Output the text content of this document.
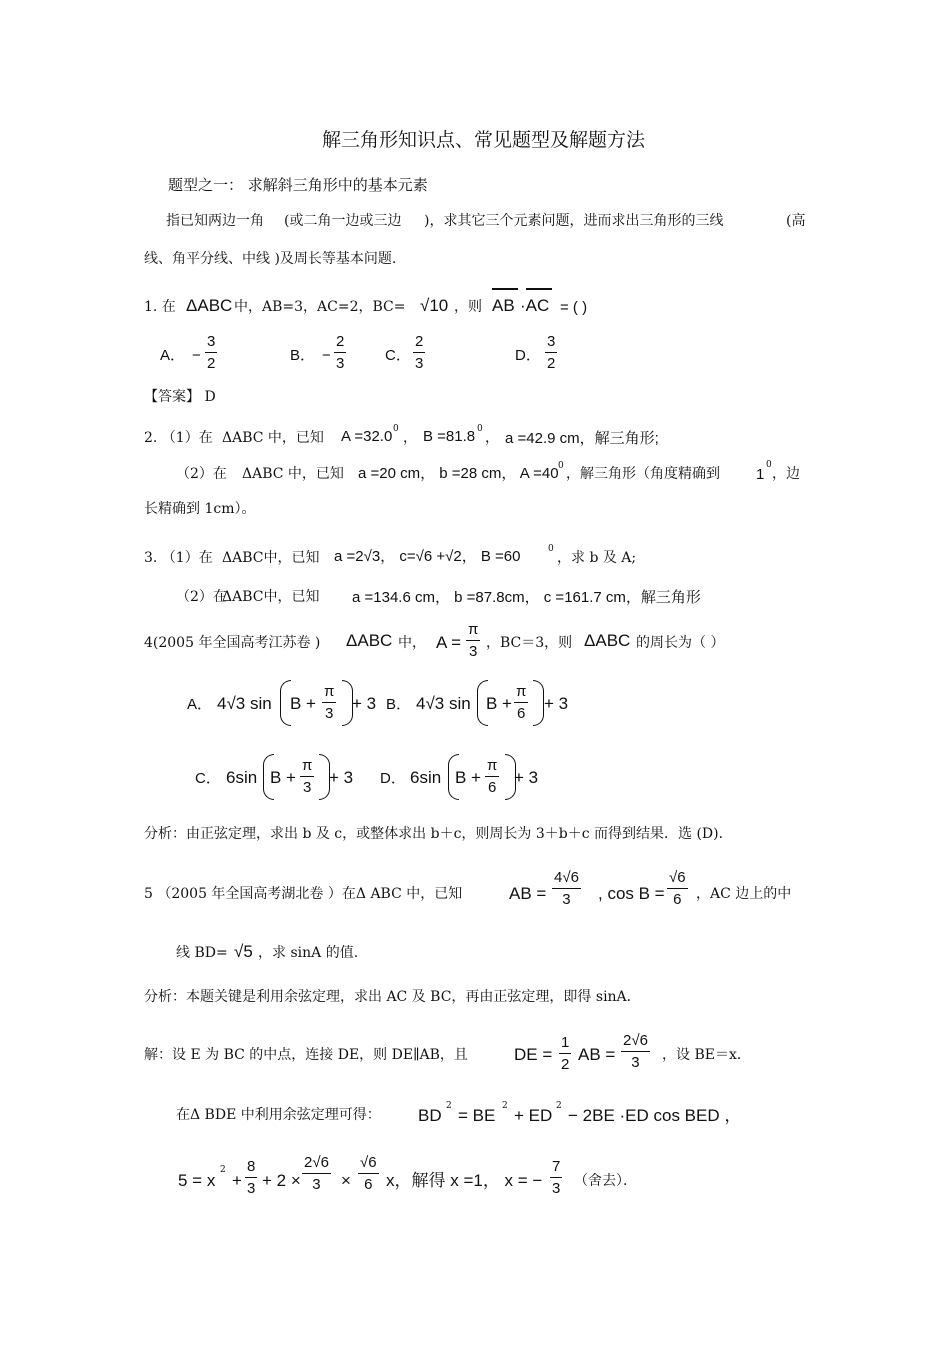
解三角形知识点、常见题型及解题方法
题型之一： 求解斜三角形中的基本元素
指已知两边一角 (或二角一边或三边 )，求其它三个元素问题，进而求出三角形的三线	(高
线、角平分线、中线 )及周长等基本问题.
1. 在 ΔABC 中，AB=3，AC=2，BC= √10 ，则 AB ·AC = ( )
A． −
3
2	B． −
2
3	C．
2
3	D．
3
2
【答案】 D
2. （1）在 ΔABC 中，已知 A =32.0 0
， B =81.8 0
， a =42.9 cm，解三角形;
（2）在 ΔABC 中，已知 a =20 cm， b =28 cm， A =40 0 ，解三角形（角度精确到 1
0
，边
长精确到 1cm）。
3. （1）在 ΔABC中，已知 a =2√3， c=√6 +√2， B =60	0
，求 b 及 A;
（2）在
ΔABC中，已知 a =134.6 cm， b =87.8cm， c =161.7 cm，解三角形
4(2005 年全国高考江苏卷 ) ΔABC 中， A =
π
3 ，BC＝3，则 ΔABC 的周长为（ ）
A． 4√3 sin B +
π
3
+ 3 B． 4√3 sin B +
π
6
+ 3
C． 6sin B +
π
3
+ 3 D． 6sin B +
π
6
+ 3
分析：由正弦定理，求出 b 及 c，或整体求出 b＋c，则周长为 3＋b＋c 而得到结果．选 (D)．
5 （2005 年全国高考湖北卷 ）在Δ ABC 中，已知	AB =
4√6
3 , cos B =
√6
6 ，AC 边上的中
线 BD= √5 ，求 sinA 的值.
分析：本题关键是利用余弦定理，求出 AC 及 BC，再由正弦定理，即得 sinA．
解：设 E 为 BC 的中点，连接 DE，则 DE∥AB，且	DE =
1
2
AB =
2√6
3 ，设 BE＝x．
在Δ BDE 中利用余弦定理可得： BD 2 = BE 2 + ED 2 − 2BE ·ED cos BED ，
5 = x
2
+
8
3 + 2 ×
2√6
3 ×
√6
6 x，解得 x =1， x = −
7
3 （舍去）．
